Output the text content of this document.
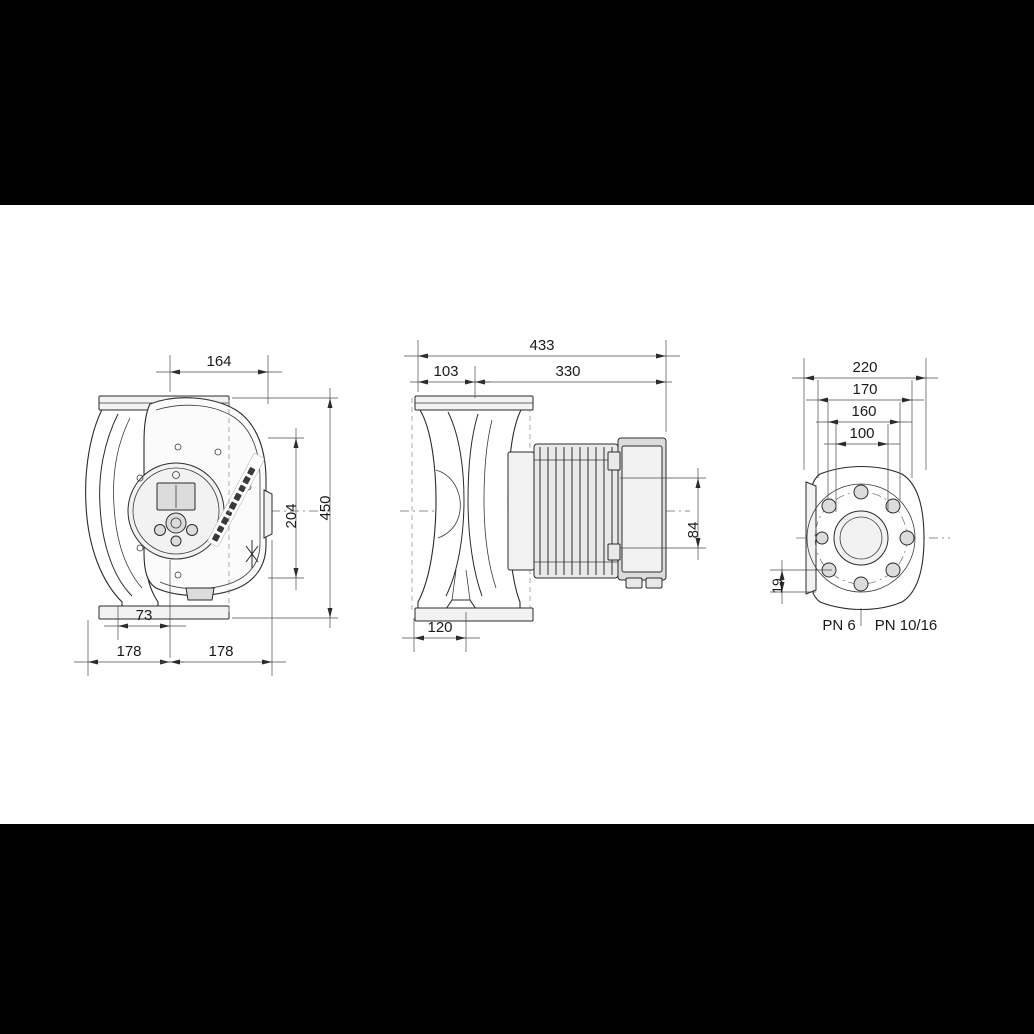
164
204 450
73
178	178
433
103	330
84
120
220
170
160
100
19
PN 6 PN 10/16
